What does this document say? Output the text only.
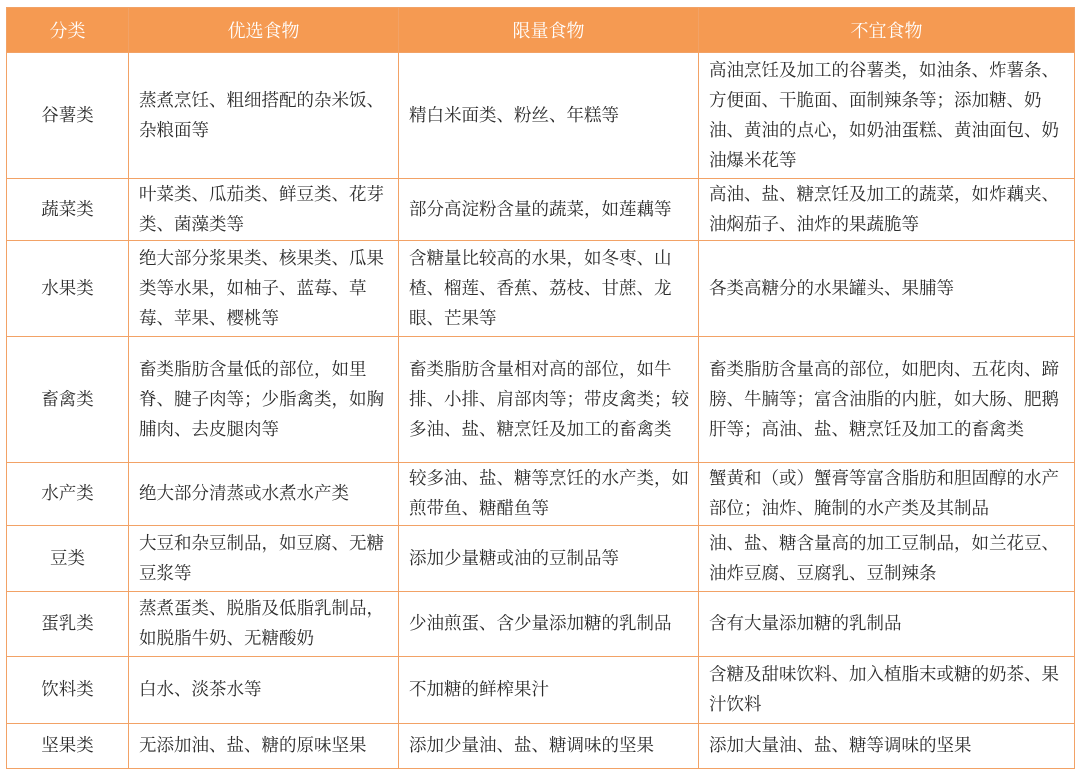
分类	优选食物	限量食物	不宜食物
谷薯类	蒸煮烹饪、粗细搭配的杂米饭、杂粮面等	精白米面类、粉丝、年糕等	高油烹饪及加工的谷薯类，如油条、炸薯条、方便面、干脆面、面制辣条等；添加糖、奶油、黄油的点心，如奶油蛋糕、黄油面包、奶油爆米花等
蔬菜类	叶菜类、瓜茄类、鲜豆类、花芽类、菌藻类等	部分高淀粉含量的蔬菜，如莲藕等	高油、盐、糖烹饪及加工的蔬菜，如炸藕夹、油焖茄子、油炸的果蔬脆等
水果类	绝大部分浆果类、核果类、瓜果类等水果，如柚子、蓝莓、草莓、苹果、樱桃等	含糖量比较高的水果，如冬枣、山楂、榴莲、香蕉、荔枝、甘蔗、龙眼、芒果等	各类高糖分的水果罐头、果脯等
畜禽类	畜类脂肪含量低的部位，如里脊、腱子肉等；少脂禽类，如胸脯肉、去皮腿肉等	畜类脂肪含量相对高的部位，如牛排、小排、肩部肉等；带皮禽类；较多油、盐、糖烹饪及加工的畜禽类	畜类脂肪含量高的部位，如肥肉、五花肉、蹄膀、牛腩等；富含油脂的内脏，如大肠、肥鹅肝等；高油、盐、糖烹饪及加工的畜禽类
水产类	绝大部分清蒸或水煮水产类	较多油、盐、糖等烹饪的水产类，如煎带鱼、糖醋鱼等	蟹黄和（或）蟹膏等富含脂肪和胆固醇的水产部位；油炸、腌制的水产类及其制品
豆类	大豆和杂豆制品，如豆腐、无糖豆浆等	添加少量糖或油的豆制品等	油、盐、糖含量高的加工豆制品，如兰花豆、油炸豆腐、豆腐乳、豆制辣条
蛋乳类	蒸煮蛋类、脱脂及低脂乳制品，如脱脂牛奶、无糖酸奶	少油煎蛋、含少量添加糖的乳制品	含有大量添加糖的乳制品
饮料类	白水、淡茶水等	不加糖的鲜榨果汁	含糖及甜味饮料、加入植脂末或糖的奶茶、果汁饮料
坚果类	无添加油、盐、糖的原味坚果	添加少量油、盐、糖调味的坚果	添加大量油、盐、糖等调味的坚果
